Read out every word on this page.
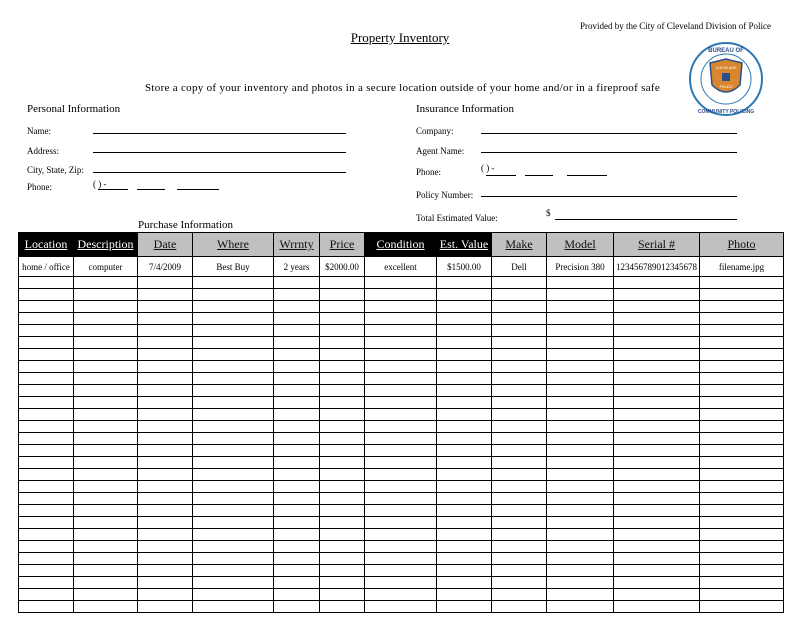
Provided by the City of Cleveland Division of Police
Property Inventory
Store a copy of your inventory and photos in a secure location outside of your home and/or in a fireproof safe
BUREAU OF
COMMUNITY POLICING
CLEVELAND
POLICE
Personal Information
Name:
Address:
City, State, Zip:
Phone:	( ) -
Insurance Information
Company:
Agent Name:
Phone:	( ) -
Policy Number:
Total Estimated Value:	$
Purchase Information
Location	Description	Date	Where	Wrrnty	Price	Condition	Est. Value	Make	Model	Serial #	Photo
home / office	computer	7/4/2009	Best Buy	2 years	$2000.00	excellent	$1500.00	Dell	Precision 380	123456789012345678	filename.jpg
